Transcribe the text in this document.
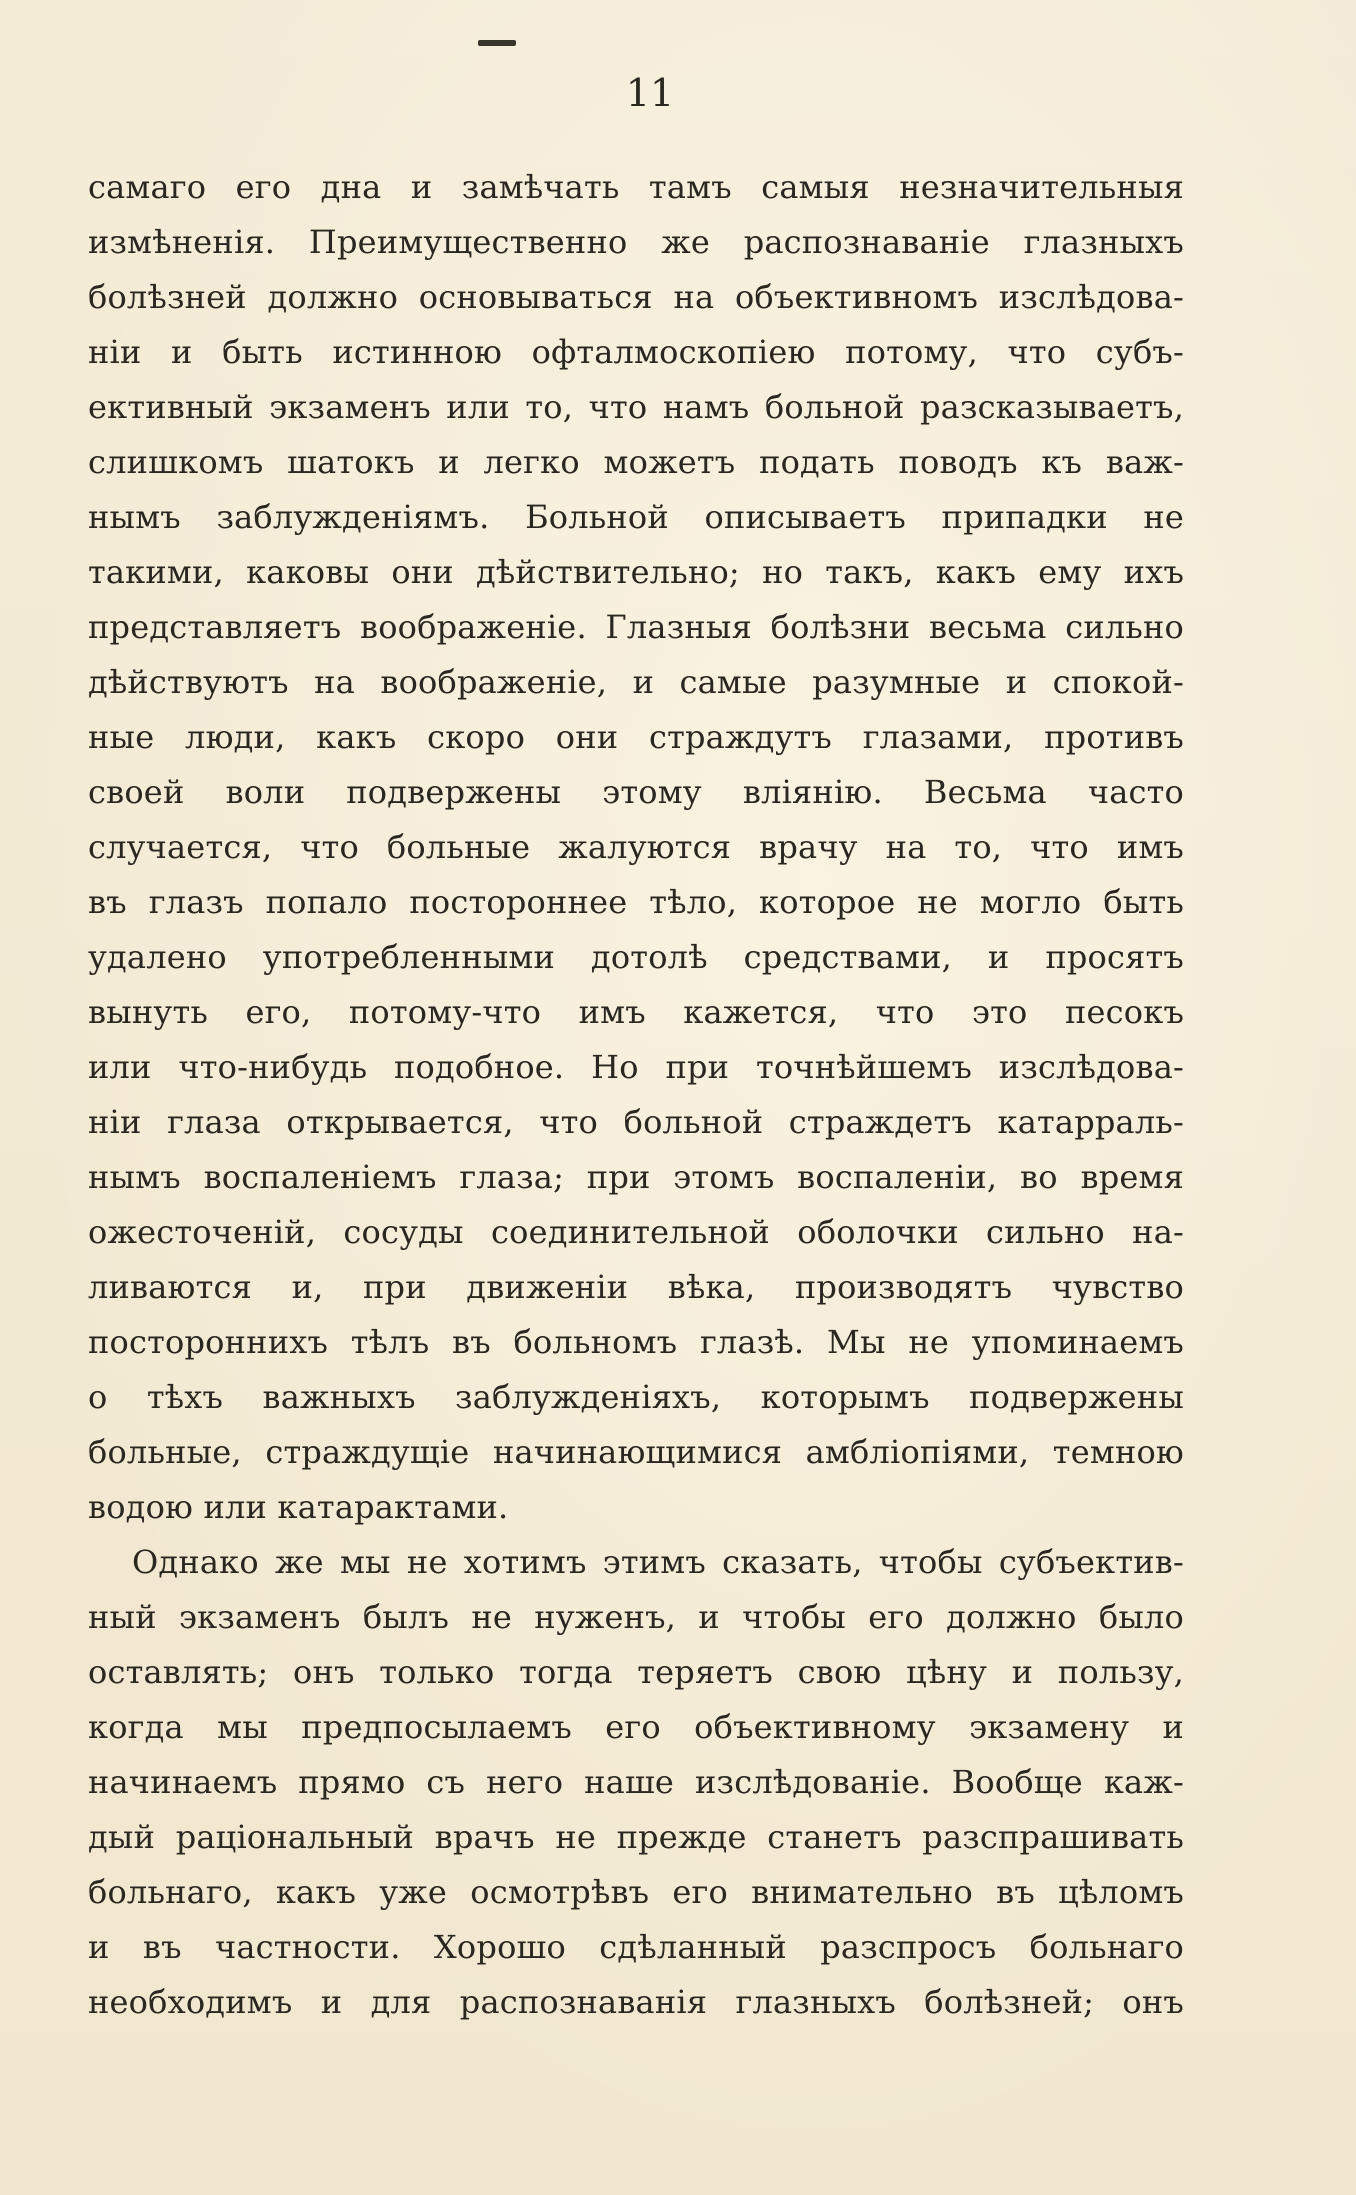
11
самаго его дна и замѣчать тамъ самыя незначительныя
измѣненія. Преимущественно же распознаванiе глазныхъ
болѣзней должно основываться на объективномъ изслѣдова-
нiи и быть истинною офталмоскопiею потому, что субъ-
ективный экзаменъ или то, что намъ больной разсказываетъ,
слишкомъ шатокъ и легко можетъ подать поводъ къ важ-
нымъ заблужденiямъ. Больной описываетъ припадки не
такими, каковы они дѣйствительно; но такъ, какъ ему ихъ
представляетъ воображенiе. Глазныя болѣзни весьма сильно
дѣйствуютъ на воображенiе, и самые разумные и спокой-
ные люди, какъ скоро они страждутъ глазами, противъ
своей воли подвержены этому влiянiю. Весьма часто
случается, что больные жалуются врачу на то, что имъ
въ глазъ попало постороннее тѣло, которое не могло быть
удалено употребленными дотолѣ средствами, и просятъ
вынуть его, потому-что имъ кажется, что это песокъ
или что-нибудь подобное. Но при точнѣйшемъ изслѣдова-
нiи глаза открывается, что больной страждетъ катарраль-
нымъ воспаленiемъ глаза; при этомъ воспаленiи, во время
ожесточенiй, сосуды соединительной оболочки сильно на-
ливаются и, при движенiи вѣка, производятъ чувство
постороннихъ тѣлъ въ больномъ глазѣ. Мы не упоминаемъ
о тѣхъ важныхъ заблужденiяхъ, которымъ подвержены
больные, страждущiе начинающимися амблiопiями, темною
водою или катарактами.
Однако же мы не хотимъ этимъ сказать, чтобы субъектив-
ный экзаменъ былъ не нуженъ, и чтобы его должно было
оставлять; онъ только тогда теряетъ свою цѣну и пользу,
когда мы предпосылаемъ его объективному экзамену и
начинаемъ прямо съ него наше изслѣдованiе. Вообще каж-
дый рацiональный врачъ не прежде станетъ разспрашивать
больнаго, какъ уже осмотрѣвъ его внимательно въ цѣломъ
и въ частности. Хорошо сдѣланный разспросъ больнаго
необходимъ и для распознаванiя глазныхъ болѣзней; онъ
